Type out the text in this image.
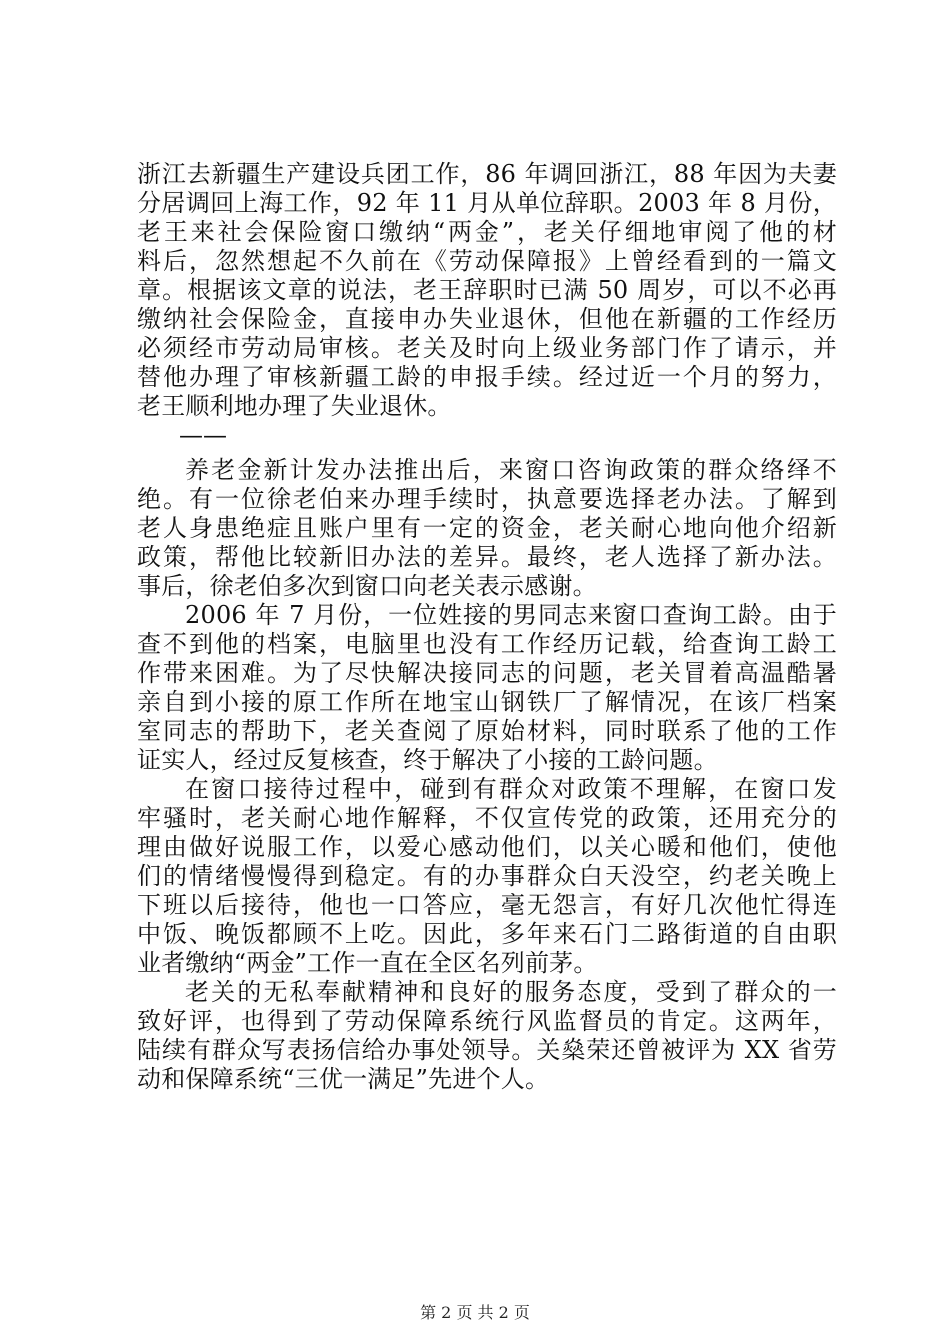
浙江去新疆生产建设兵团工作，86 年调回浙江，88 年因为夫妻
分居调回上海工作，92 年 11 月从单位辞职。2003 年 8 月份，
老王来社会保险窗口缴纳“两金”，老关仔细地审阅了他的材
料后，忽然想起不久前在《劳动保障报》上曾经看到的一篇文
章。根据该文章的说法，老王辞职时已满 50 周岁，可以不必再
缴纳社会保险金，直接申办失业退休，但他在新疆的工作经历
必须经市劳动局审核。老关及时向上级业务部门作了请示，并
替他办理了审核新疆工龄的申报手续。经过近一个月的努力，
老王顺利地办理了失业退休。
——
养老金新计发办法推出后，来窗口咨询政策的群众络绎不
绝。有一位徐老伯来办理手续时，执意要选择老办法。了解到
老人身患绝症且账户里有一定的资金，老关耐心地向他介绍新
政策，帮他比较新旧办法的差异。最终，老人选择了新办法。
事后，徐老伯多次到窗口向老关表示感谢。
2006 年 7 月份，一位姓接的男同志来窗口查询工龄。由于
查不到他的档案，电脑里也没有工作经历记载，给查询工龄工
作带来困难。为了尽快解决接同志的问题，老关冒着高温酷暑
亲自到小接的原工作所在地宝山钢铁厂了解情况，在该厂档案
室同志的帮助下，老关查阅了原始材料，同时联系了他的工作
证实人，经过反复核查，终于解决了小接的工龄问题。
在窗口接待过程中，碰到有群众对政策不理解，在窗口发
牢骚时，老关耐心地作解释，不仅宣传党的政策，还用充分的
理由做好说服工作，以爱心感动他们，以关心暖和他们，使他
们的情绪慢慢得到稳定。有的办事群众白天没空，约老关晚上
下班以后接待，他也一口答应，毫无怨言，有好几次他忙得连
中饭、晚饭都顾不上吃。因此，多年来石门二路街道的自由职
业者缴纳“两金”工作一直在全区名列前茅。
老关的无私奉献精神和良好的服务态度，受到了群众的一
致好评，也得到了劳动保障系统行风监督员的肯定。这两年，
陆续有群众写表扬信给办事处领导。关燊荣还曾被评为 XX 省劳
动和保障系统“三优一满足”先进个人。
第 2 页 共 2 页
